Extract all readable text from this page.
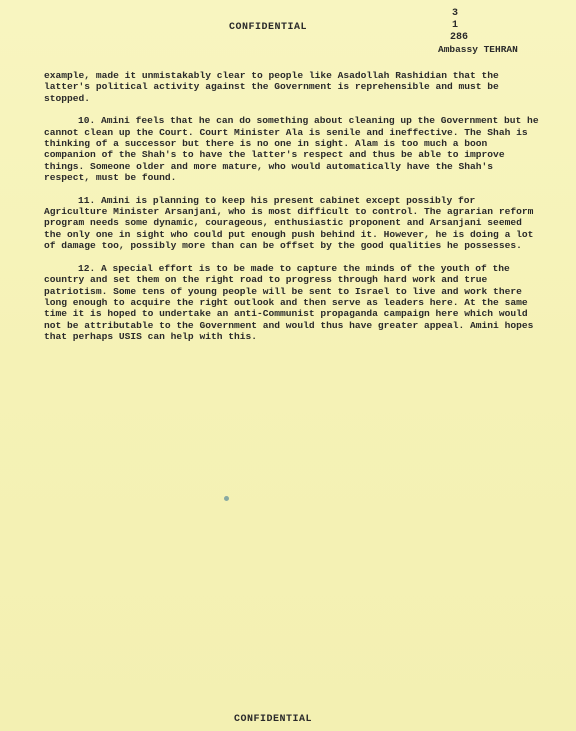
CONFIDENTIAL
3
1
286
Ambassy TEHRAN

example, made it unmistakably clear to people like Asadollah Rashidian that the latter's political activity against the Government is reprehensible and must be stopped.

10. Amini feels that he can do something about cleaning up the Government but he cannot clean up the Court. Court Minister Ala is senile and ineffective. The Shah is thinking of a successor but there is no one in sight. Alam is too much a boon companion of the Shah's to have the latter's respect and thus be able to improve things. Someone older and more mature, who would automatically have the Shah's respect, must be found.

11. Amini is planning to keep his present cabinet except possibly for Agriculture Minister Arsanjani, who is most difficult to control. The agrarian reform program needs some dynamic, courageous, enthusiastic proponent and Arsanjani seemed the only one in sight who could put enough push behind it. However, he is doing a lot of damage too, possibly more than can be offset by the good qualities he possesses.

12. A special effort is to be made to capture the minds of the youth of the country and set them on the right road to progress through hard work and true patriotism. Some tens of young people will be sent to Israel to live and work there long enough to acquire the right outlook and then serve as leaders here. At the same time it is hoped to undertake an anti-Communist propaganda campaign here which would not be attributable to the Government and would thus have greater appeal. Amini hopes that perhaps USIS can help with this.

CONFIDENTIAL
